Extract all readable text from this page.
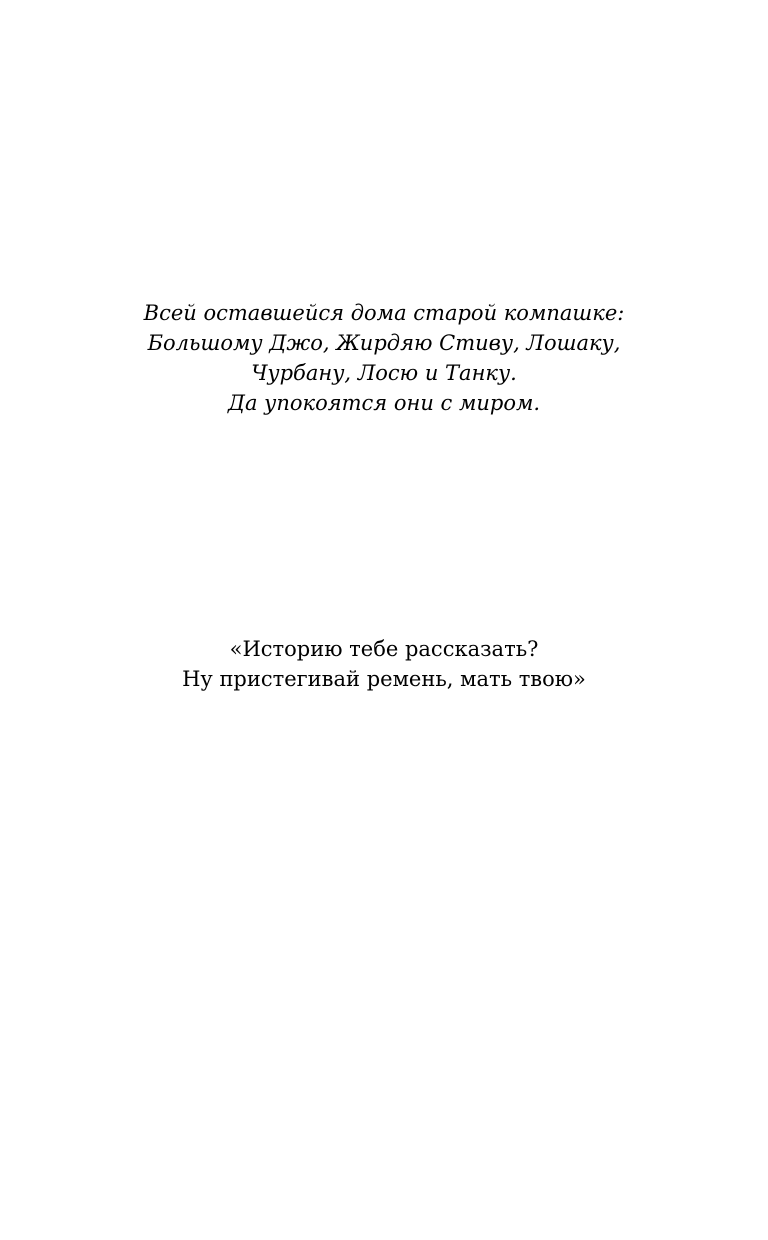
Всей оставшейся дома старой компашке:
Большому Джо, Жирдяю Стиву, Лошаку,
Чурбану, Лосю и Танку.
Да упокоятся они с миром.
«Историю тебе рассказать?
Ну пристегивай ремень, мать твою»
